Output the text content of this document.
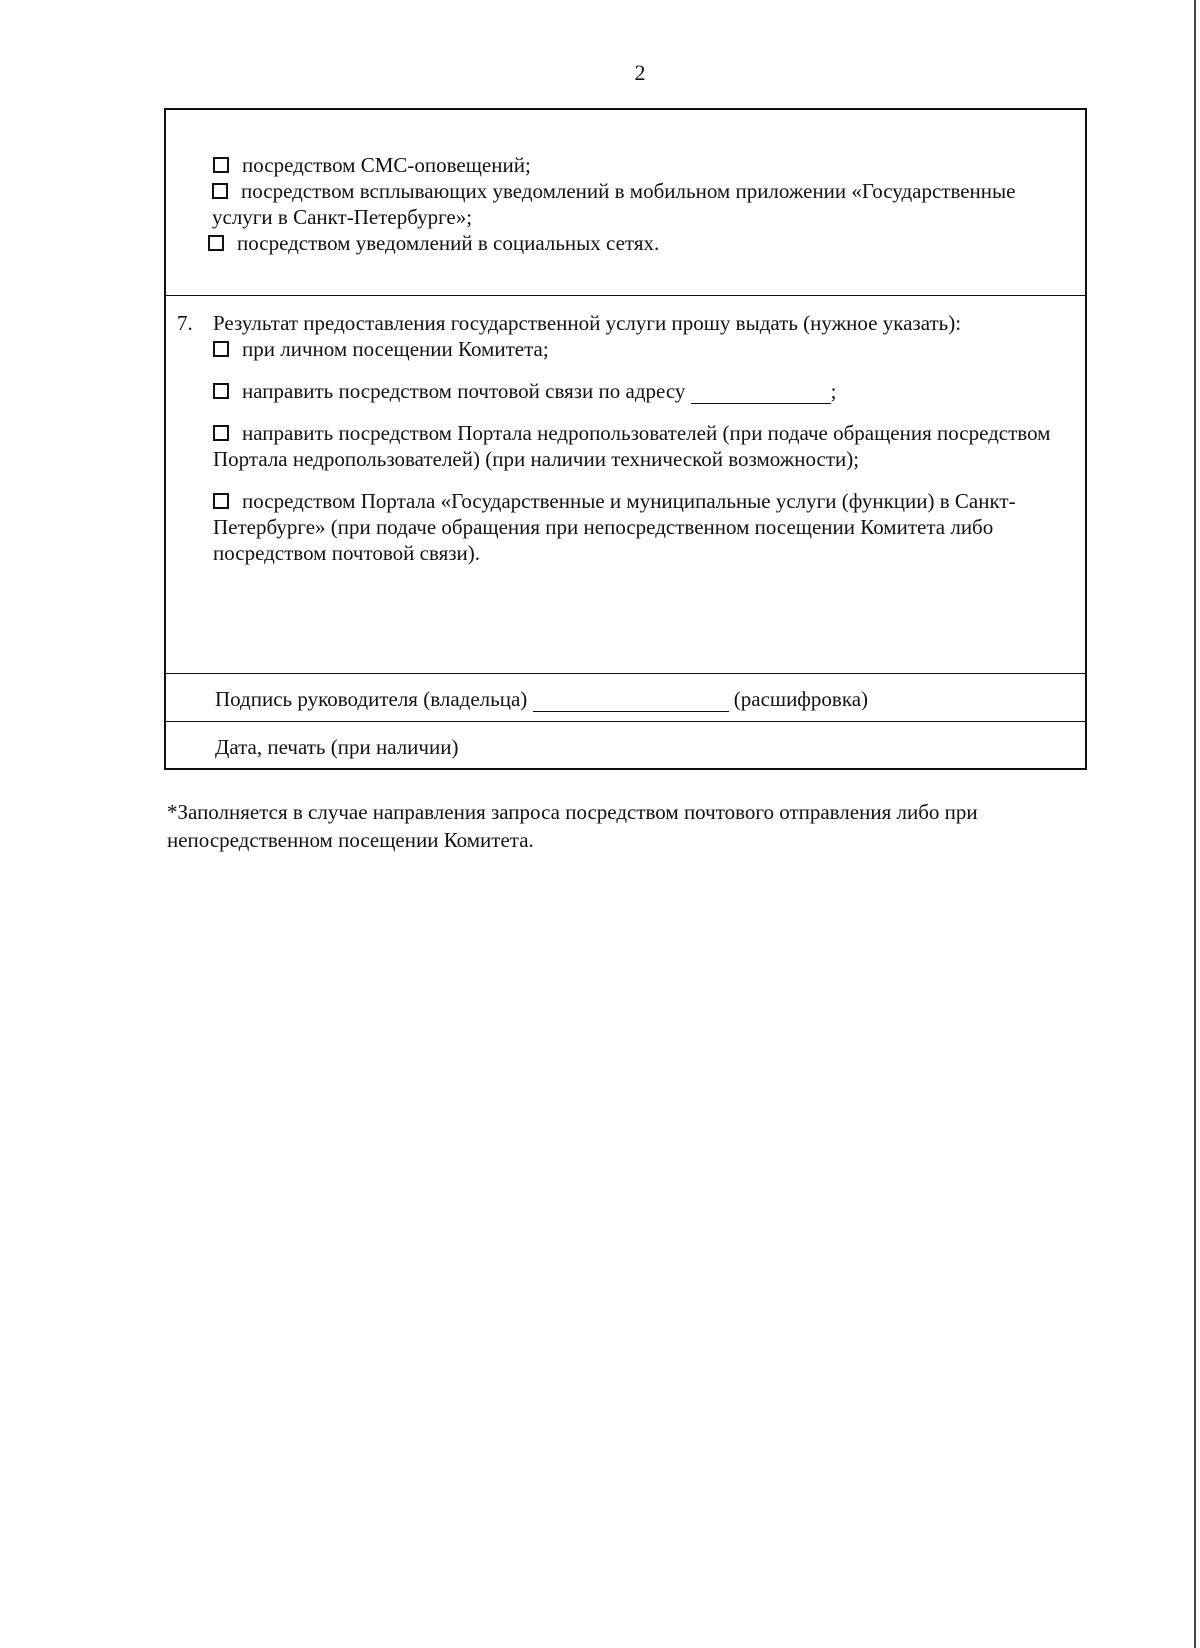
2
посредством СМС-оповещений;
посредством всплывающих уведомлений в мобильном приложении «Государственные услуги в Санкт-Петербурге»;
посредством уведомлений в социальных сетях.
7. Результат предоставления государственной услуги прошу выдать (нужное указать):
при личном посещении Комитета;
направить посредством почтовой связи по адресу	;
направить посредством Портала недропользователей (при подаче обращения посредством Портала недропользователей) (при наличии технической возможности);
посредством Портала «Государственные и муниципальные услуги (функции) в Санкт-Петербурге» (при подаче обращения при непосредственном посещении Комитета либо посредством почтовой связи).
Подпись руководителя (владельца)	(расшифровка)
Дата, печать (при наличии)
*Заполняется в случае направления запроса посредством почтового отправления либо при непосредственном посещении Комитета.
